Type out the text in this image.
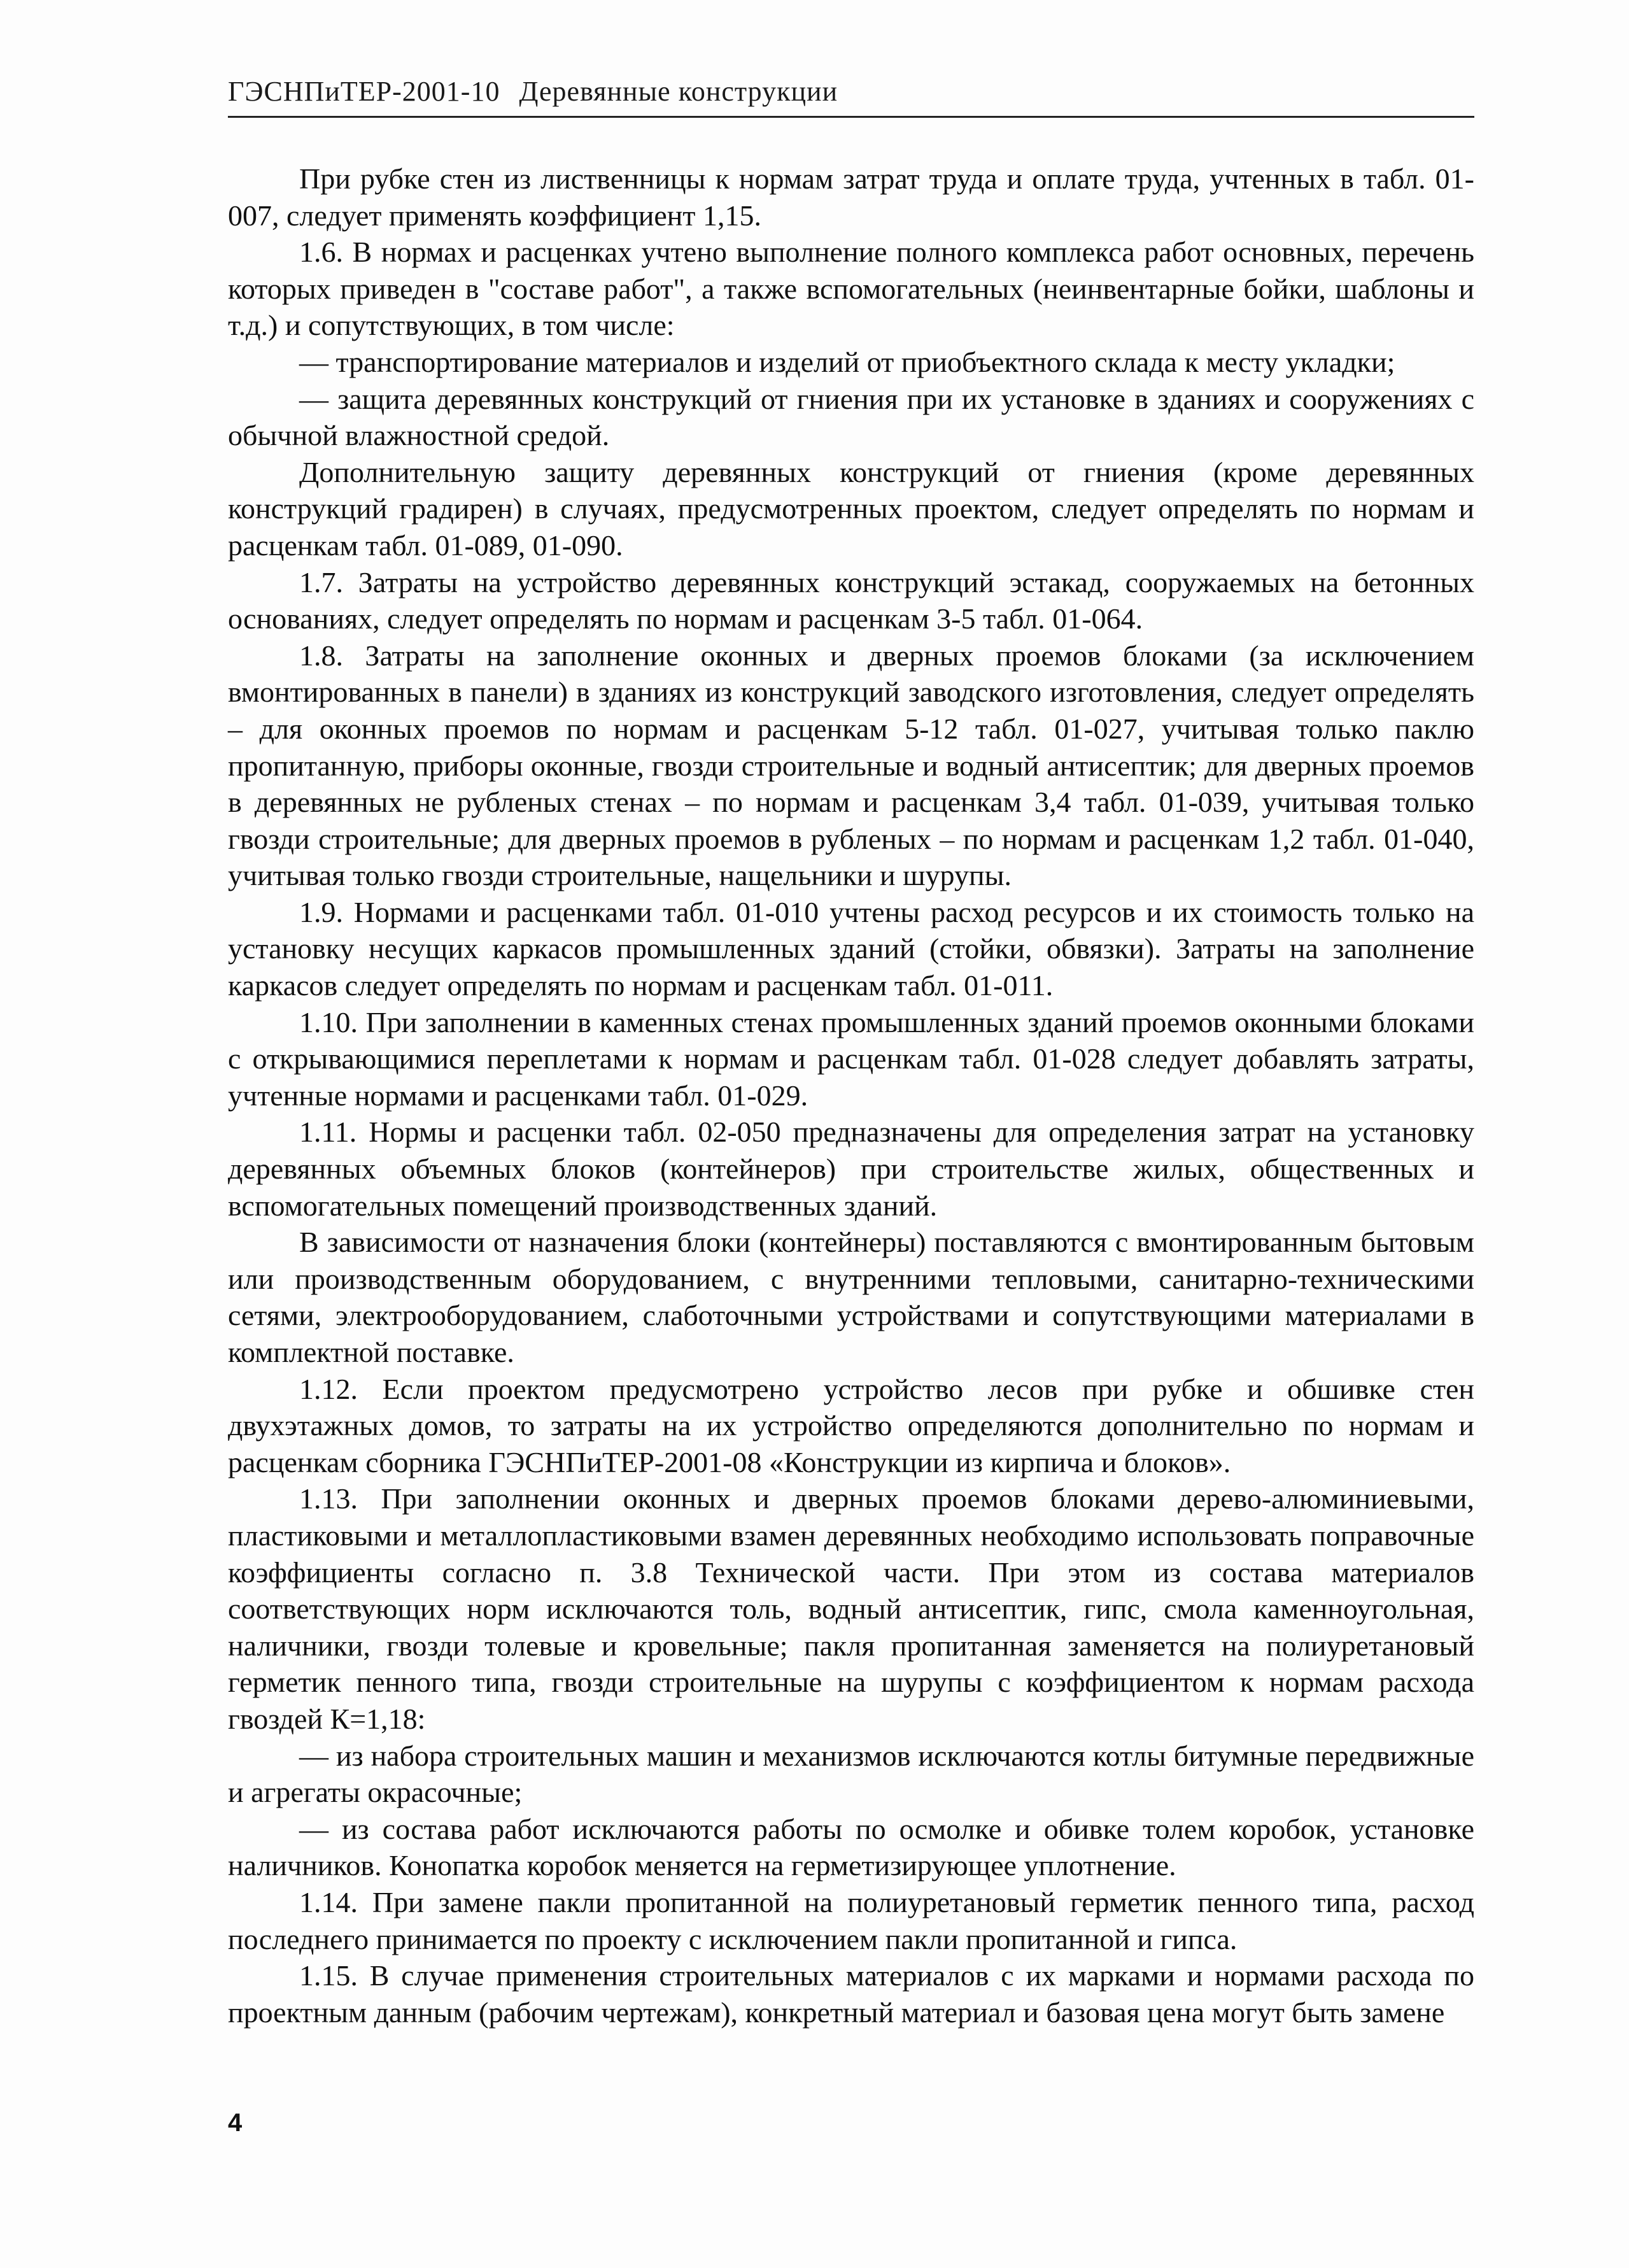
ГЭСНПиТЕР-2001-10 Деревянные конструкции

При рубке стен из лиственницы к нормам затрат труда и оплате труда, учтенных в табл. 01-007, следует применять коэффициент 1,15.

1.6. В нормах и расценках учтено выполнение полного комплекса работ основных, перечень которых приведен в "составе работ", а также вспомогательных (неинвентарные бойки, шаблоны и т.д.) и сопутствующих, в том числе:

— транспортирование материалов и изделий от приобъектного склада к месту укладки;

— защита деревянных конструкций от гниения при их установке в зданиях и сооружениях с обычной влажностной средой.

Дополнительную защиту деревянных конструкций от гниения (кроме деревянных конструкций градирен) в случаях, предусмотренных проектом, следует определять по нормам и расценкам табл. 01-089, 01-090.

1.7. Затраты на устройство деревянных конструкций эстакад, сооружаемых на бетонных основаниях, следует определять по нормам и расценкам 3-5 табл. 01-064.

1.8. Затраты на заполнение оконных и дверных проемов блоками (за исключением вмонтированных в панели) в зданиях из конструкций заводского изготовления, следует определять – для оконных проемов по нормам и расценкам 5-12 табл. 01-027, учитывая только паклю пропитанную, приборы оконные, гвозди строительные и водный антисептик; для дверных проемов в деревянных не рубленых стенах – по нормам и расценкам 3,4 табл. 01-039, учитывая только гвозди строительные; для дверных проемов в рубленых – по нормам и расценкам 1,2 табл. 01-040, учитывая только гвозди строительные, нащельники и шурупы.

1.9. Нормами и расценками табл. 01-010 учтены расход ресурсов и их стоимость только на установку несущих каркасов промышленных зданий (стойки, обвязки). Затраты на заполнение каркасов следует определять по нормам и расценкам табл. 01-011.

1.10. При заполнении в каменных стенах промышленных зданий проемов оконными блоками с открывающимися переплетами к нормам и расценкам табл. 01-028 следует добавлять затраты, учтенные нормами и расценками табл. 01-029.

1.11. Нормы и расценки табл. 02-050 предназначены для определения затрат на установку деревянных объемных блоков (контейнеров) при строительстве жилых, общественных и вспомогательных помещений производственных зданий.

В зависимости от назначения блоки (контейнеры) поставляются с вмонтированным бытовым или производственным оборудованием, с внутренними тепловыми, санитарно-техническими сетями, электрооборудованием, слаботочными устройствами и сопутствующими материалами в комплектной поставке.

1.12. Если проектом предусмотрено устройство лесов при рубке и обшивке стен двухэтажных домов, то затраты на их устройство определяются дополнительно по нормам и расценкам сборника ГЭСНПиТЕР-2001-08 «Конструкции из кирпича и блоков».

1.13. При заполнении оконных и дверных проемов блоками дерево-алюминиевыми, пластиковыми и металлопластиковыми взамен деревянных необходимо использовать поправочные коэффициенты согласно п. 3.8 Технической части. При этом из состава материалов соответствующих норм исключаются толь, водный антисептик, гипс, смола каменноугольная, наличники, гвозди толевые и кровельные; пакля пропитанная заменяется на полиуретановый герметик пенного типа, гвозди строительные на шурупы с коэффициентом к нормам расхода гвоздей К=1,18:

— из набора строительных машин и механизмов исключаются котлы битумные передвижные и агрегаты окрасочные;

— из состава работ исключаются работы по осмолке и обивке толем коробок, установке наличников. Конопатка коробок меняется на герметизирующее уплотнение.

1.14. При замене пакли пропитанной на полиуретановый герметик пенного типа, расход последнего принимается по проекту с исключением пакли пропитанной и гипса.

1.15. В случае применения строительных материалов с их марками и нормами расхода по проектным данным (рабочим чертежам), конкретный материал и базовая цена могут быть замене

4
